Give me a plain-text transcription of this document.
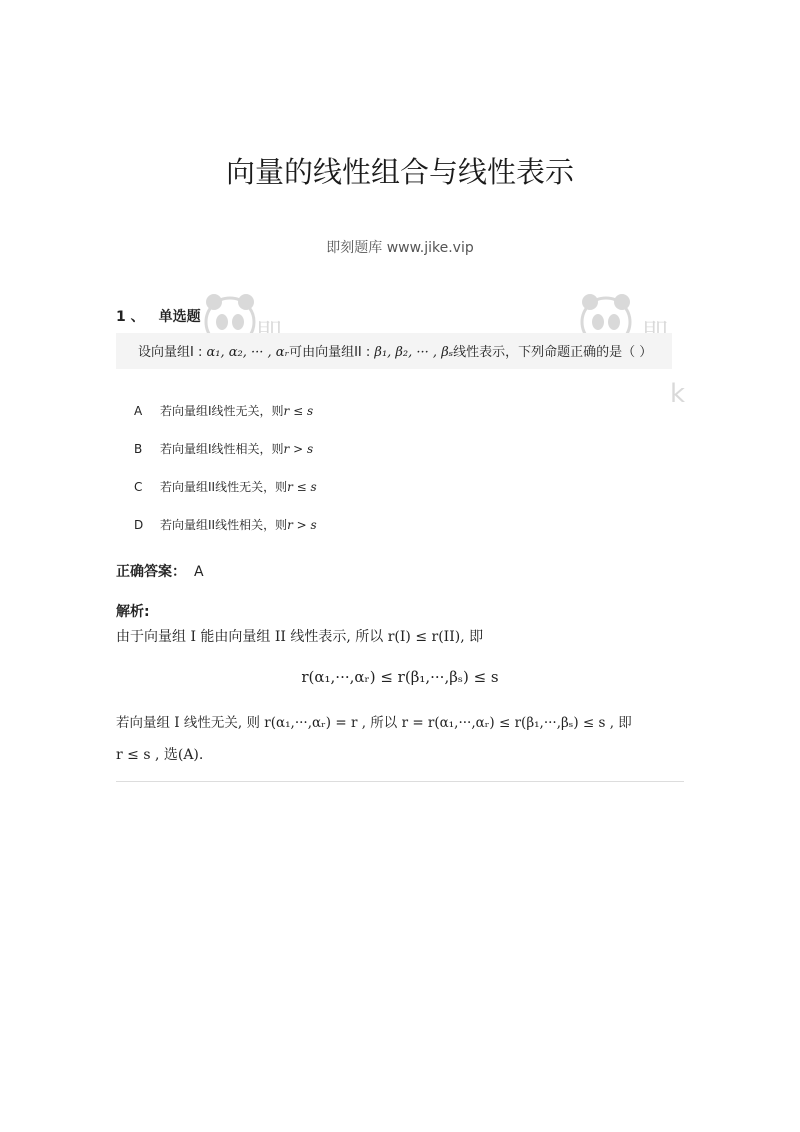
k
向量的线性组合与线性表示
即刻题库 www.jike.vip
1 、 单选题
设向量组I : α₁, α₂, ··· , αᵣ可由向量组II : β₁, β₂, ··· , βₛ线性表示，下列命题正确的是（ ）
A 若向量组I线性无关，则r ≤ s
B 若向量组I线性相关，则r > s
C 若向量组II线性无关，则r ≤ s
D 若向量组II线性相关，则r > s
正确答案： A
解析:
由于向量组 I 能由向量组 II 线性表示, 所以 r(I) ≤ r(II), 即
r(α₁,···,αᵣ) ≤ r(β₁,···,βₛ) ≤ s
若向量组 I 线性无关, 则 r(α₁,···,αᵣ) = r , 所以 r = r(α₁,···,αᵣ) ≤ r(β₁,···,βₛ) ≤ s , 即
r ≤ s , 选(A).
